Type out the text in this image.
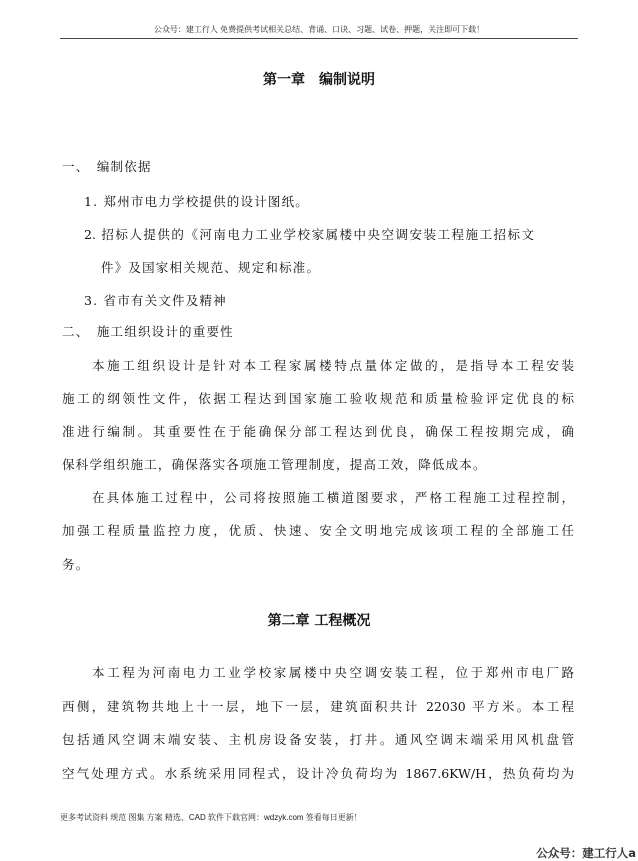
公众号：建工行人 免费提供考试相关总结、背诵、口诀、习题、试卷、押题，关注即可下载！
第一章　编制说明
一、　编制依据
1. 郑州市电力学校提供的设计图纸。
2. 招标人提供的《河南电力工业学校家属楼中央空调安装工程施工招标文
件》及国家相关规范、规定和标准。
3. 省市有关文件及精神
二、　施工组织设计的重要性
本施工组织设计是针对本工程家属楼特点量体定做的，是指导本工程安装
施工的纲领性文件，依据工程达到国家施工验收规范和质量检验评定优良的标
准进行编制。其重要性在于能确保分部工程达到优良，确保工程按期完成，确
保科学组织施工，确保落实各项施工管理制度，提高工效，降低成本。
在具体施工过程中，公司将按照施工横道图要求，严格工程施工过程控制，
加强工程质量监控力度，优质、快速、安全文明地完成该项工程的全部施工任
务。
第二章 工程概况
本工程为河南电力工业学校家属楼中央空调安装工程，位于郑州市电厂路
西侧，建筑物共地上十一层，地下一层，建筑面积共计 22030 平方米。本工程
包括通风空调末端安装、主机房设备安装，打井。通风空调末端采用风机盘管
空气处理方式。水系统采用同程式，设计冷负荷均为 1867.6KW/H，热负荷均为
更多考试资料 规范 图集 方案 精选、CAD 软件下载官网：wdzyk.com 签看每日更新！
公众号：建工行人a
